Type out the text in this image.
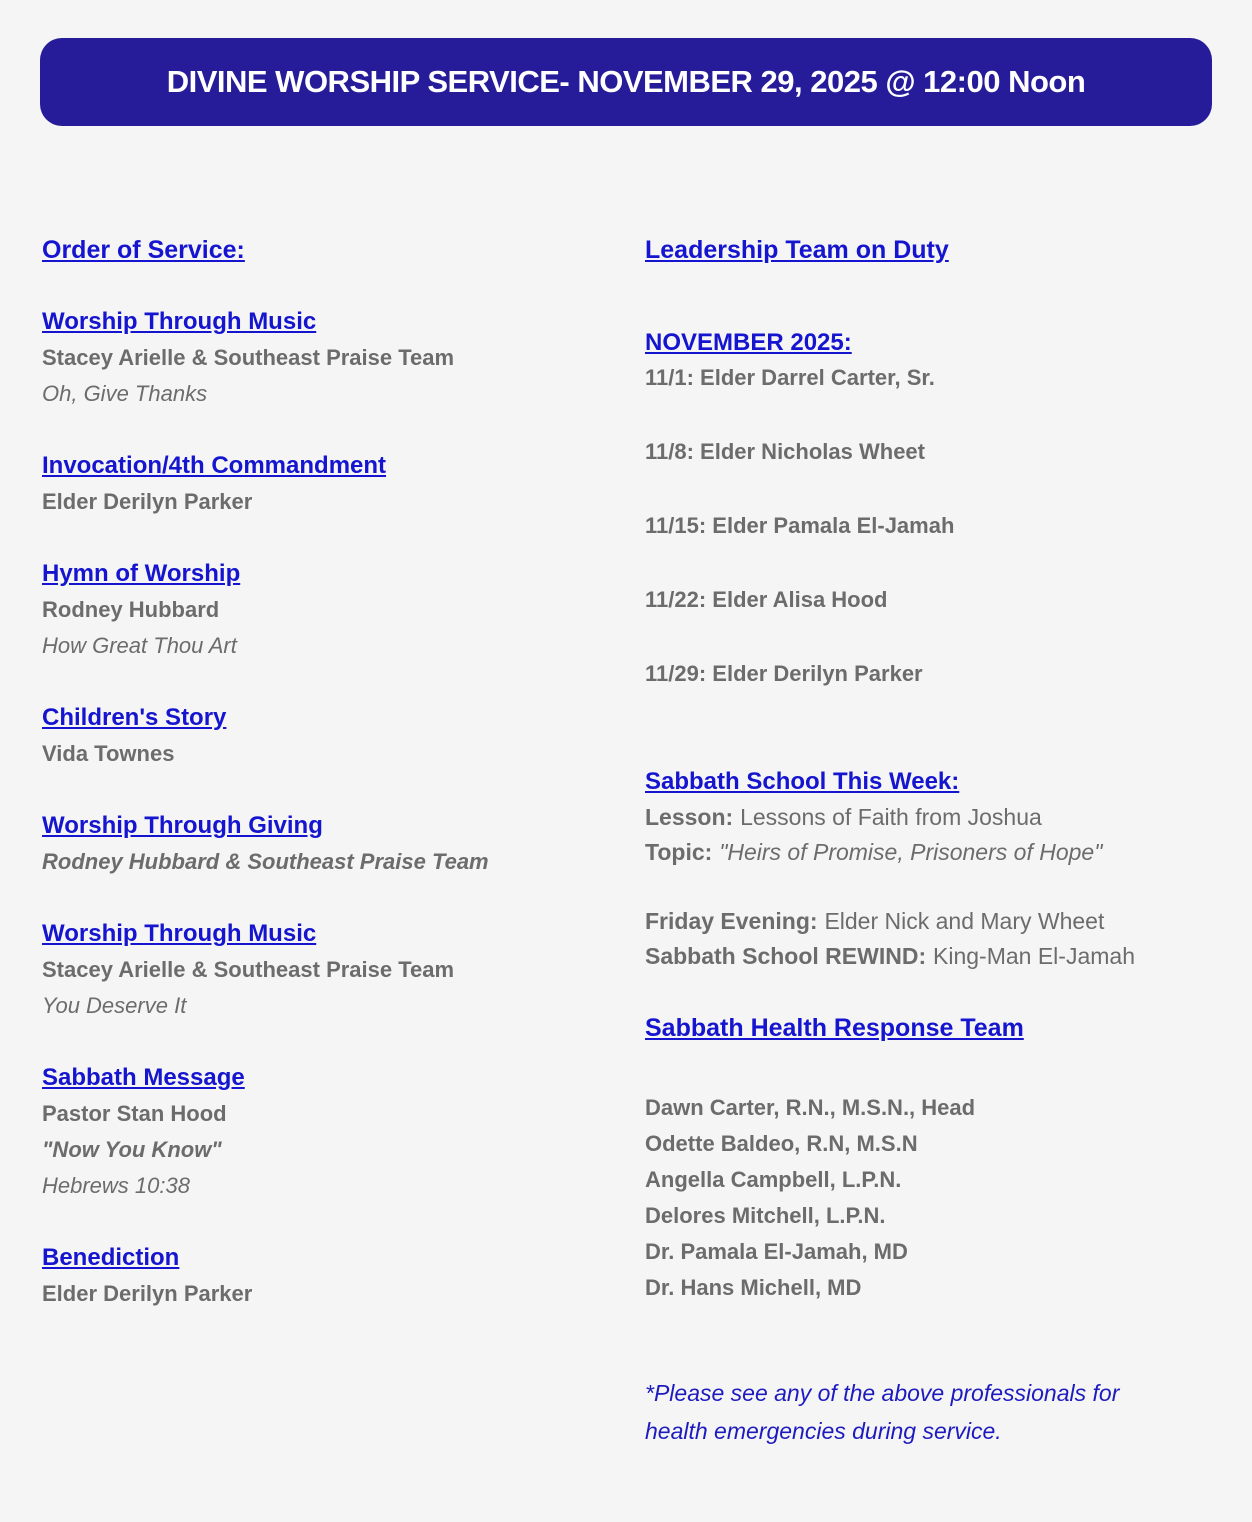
DIVINE WORSHIP SERVICE- NOVEMBER 29, 2025 @ 12:00 Noon
Order of Service:
Worship Through Music

Stacey Arielle & Southeast Praise Team

Oh, Give Thanks

Invocation/4th Commandment

Elder Derilyn Parker

Hymn of Worship

Rodney Hubbard

How Great Thou Art

Children's Story

Vida Townes

Worship Through Giving

Rodney Hubbard & Southeast Praise Team

Worship Through Music

Stacey Arielle & Southeast Praise Team

You Deserve It

Sabbath Message

Pastor Stan Hood

"Now You Know"

Hebrews 10:38

Benediction

Elder Derilyn Parker

Leadership Team on Duty
NOVEMBER 2025:

11/1: Elder Darrel Carter, Sr.

11/8: Elder Nicholas Wheet

11/15: Elder Pamala El-Jamah

11/22: Elder Alisa Hood

11/29: Elder Derilyn Parker

Sabbath School This Week:

Lesson: Lessons of Faith from Joshua

Topic: "Heirs of Promise, Prisoners of Hope"

Friday Evening: Elder Nick and Mary Wheet

Sabbath School REWIND: King-Man El-Jamah

Sabbath Health Response Team

Dawn Carter, R.N., M.S.N., Head

Odette Baldeo, R.N, M.S.N

Angella Campbell, L.P.N.

Delores Mitchell, L.P.N.

Dr. Pamala El-Jamah, MD

Dr. Hans Michell, MD

*Please see any of the above professionals for health emergencies during service.
